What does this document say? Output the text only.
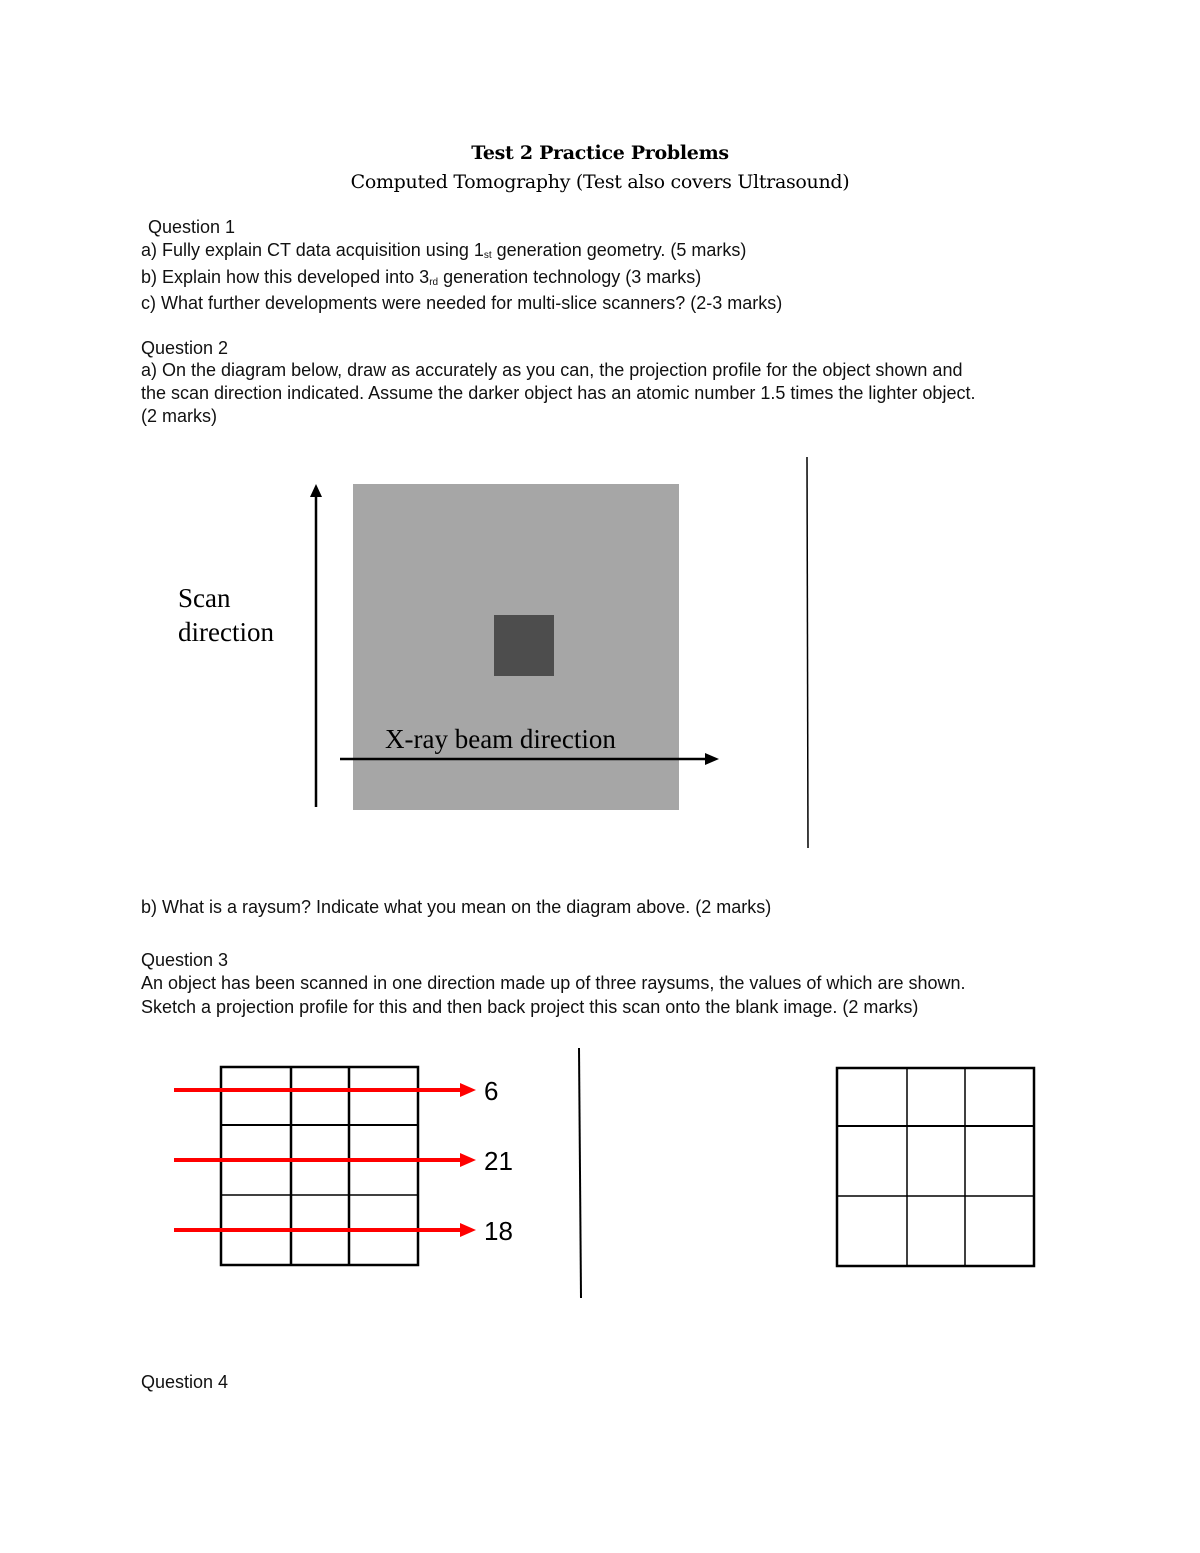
Test 2 Practice Problems
Computed Tomography (Test also covers Ultrasound)
Question 1
a) Fully explain CT data acquisition using $1_{st}$ generation geometry. (5 marks)
b) Explain how this developed into $3_{rd}$ generation technology (3 marks)
c) What further developments were needed for multi-slice scanners? (2-3 marks)
Question 2
a) On the diagram below, draw as accurately as you can, the projection profile for the object shown and
the scan direction indicated. Assume the darker object has an atomic number 1.5 times the lighter object.
(2 marks)
Scan
direction
X-ray beam direction
b) What is a raysum? Indicate what you mean on the diagram above. (2 marks)
Question 3
An object has been scanned in one direction made up of three raysums, the values of which are shown.
Sketch a projection profile for this and then back project this scan onto the blank image. (2 marks)
6
21
18
Question 4
